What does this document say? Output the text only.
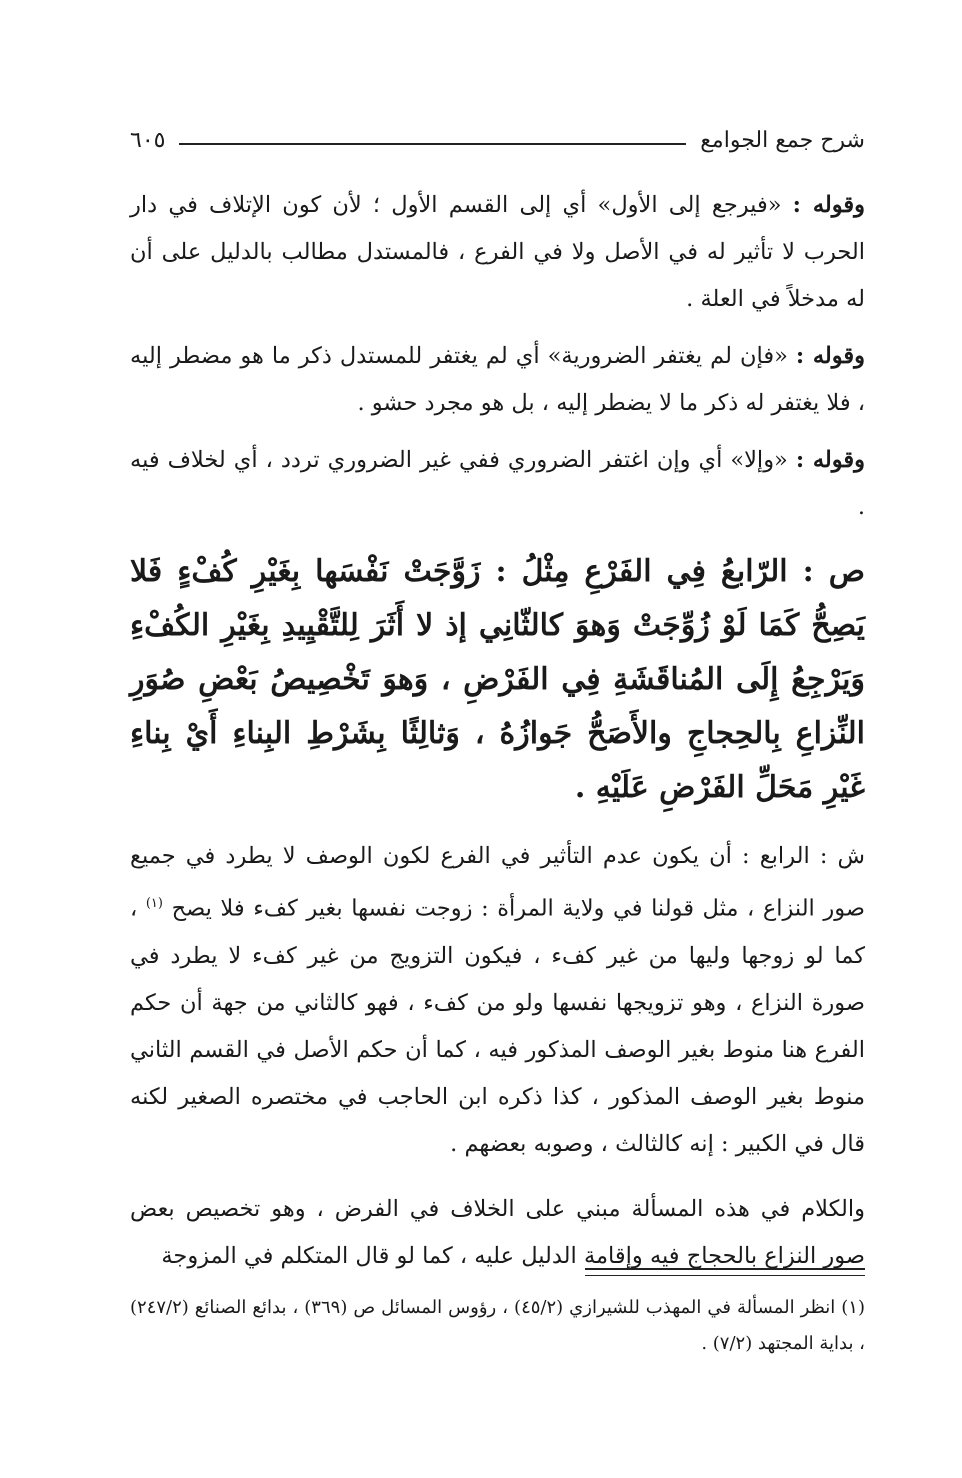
شرح جمع الجوامع
٦٠٥

وقوله : «فيرجع إلى الأول» أي إلى القسم الأول ؛ لأن كون الإتلاف في دار الحرب لا تأثير له في الأصل ولا في الفرع ، فالمستدل مطالب بالدليل على أن له مدخلاً في العلة .

وقوله : «فإن لم يغتفر الضرورية» أي لم يغتفر للمستدل ذكر ما هو مضطر إليه ، فلا يغتفر له ذكر ما لا يضطر إليه ، بل هو مجرد حشو .

وقوله : «وإلا» أي وإن اغتفر الضروري ففي غير الضروري تردد ، أي لخلاف فيه .

ص : الرّابعُ فِي الفَرْعِ مِثْلُ : زَوَّجَتْ نَفْسَها بِغَيْرِ كُفْءٍ فَلا يَصِحُّ كَمَا لَوْ زُوِّجَتْ وَهوَ كالثّانِي إذ لا أَثَرَ لِلتَّقْيِيدِ بِغَيْرِ الكُفْءِ وَيَرْجِعُ إِلَى المُناقَشَةِ فِي الفَرْضِ ، وَهوَ تَخْصِيصُ بَعْضِ صُوَرِ النِّزاعِ بِالحِجاجِ والأَصَحُّ جَوازُهُ ، وَثالِثًا بِشَرْطِ البِناءِ أَيْ بِناءِ غَيْرِ مَحَلِّ الفَرْضِ عَلَيْهِ .

ش : الرابع : أن يكون عدم التأثير في الفرع لكون الوصف لا يطرد في جميع صور النزاع ، مثل قولنا في ولاية المرأة : زوجت نفسها بغير كفء فلا يصح $^{(١)}$ ، كما لو زوجها وليها من غير كفء ، فيكون التزويج من غير كفء لا يطرد في صورة النزاع ، وهو تزويجها نفسها ولو من كفء ، فهو كالثاني من جهة أن حكم الفرع هنا منوط بغير الوصف المذكور فيه ، كما أن حكم الأصل في القسم الثاني منوط بغير الوصف المذكور ، كذا ذكره ابن الحاجب في مختصره الصغير لكنه قال في الكبير : إنه كالثالث ، وصوبه بعضهم .

والكلام في هذه المسألة مبني على الخلاف في الفرض ، وهو تخصيص بعض صور النزاع بالحجاج فيه وإقامة الدليل عليه ، كما لو قال المتكلم في المزوجة

(١) انظر المسألة في المهذب للشيرازي (٤٥/٢) ، رؤوس المسائل ص (٣٦٩) ، بدائع الصنائع (٢٤٧/٢) ، بداية المجتهد (٧/٢) .
